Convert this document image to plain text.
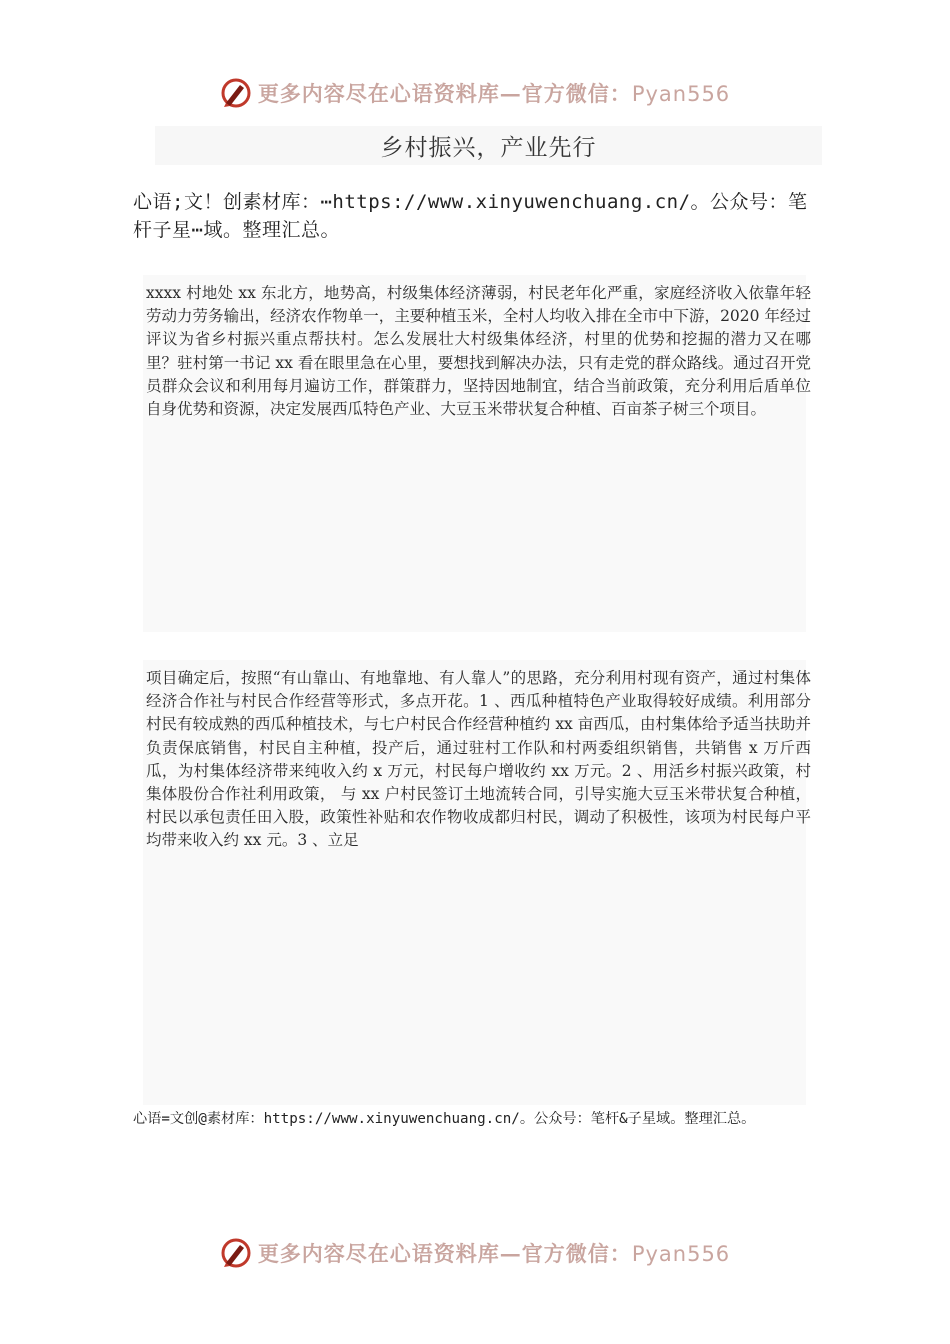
更多内容尽在心语资料库—官方微信：Pyan556
乡村振兴，产业先行
心语;文！创素材库：⋯https://www.xinyuwenchuang.cn/。公众号：笔杆子星⋯域。整理汇总。
xxxx 村地处 xx 东北方，地势高，村级集体经济薄弱，村民老年化严重，家庭经济收入依靠年轻劳动力劳务输出，经济农作物单一，主要种植玉米，全村人均收入排在全市中下游，2020 年经过评议为省乡村振兴重点帮扶村。怎么发展壮大村级集体经济，村里的优势和挖掘的潜力又在哪里？驻村第一书记 xx 看在眼里急在心里，要想找到解决办法，只有走党的群众路线。通过召开党员群众会议和利用每月遍访工作，群策群力，坚持因地制宜，结合当前政策，充分利用后盾单位自身优势和资源，决定发展西瓜特色产业、大豆玉米带状复合种植、百亩茶子树三个项目。
项目确定后，按照“有山靠山、有地靠地、有人靠人”的思路，充分利用村现有资产，通过村集体经济合作社与村民合作经营等形式，多点开花。1 、西瓜种植特色产业取得较好成绩。利用部分村民有较成熟的西瓜种植技术，与七户村民合作经营种植约 xx 亩西瓜，由村集体给予适当扶助并负责保底销售，村民自主种植，投产后，通过驻村工作队和村两委组织销售，共销售 x 万斤西瓜，为村集体经济带来纯收入约 x 万元，村民每户增收约 xx 万元。2 、用活乡村振兴政策，村集体股份合作社利用政策， 与 xx 户村民签订土地流转合同，引导实施大豆玉米带状复合种植，村民以承包责任田入股，政策性补贴和农作物收成都归村民，调动了积极性，该项为村民每户平均带来收入约 xx 元。3 、立足
心语=文创@素材库：https://www.xinyuwenchuang.cn/。公众号：笔杆&子星域。整理汇总。
更多内容尽在心语资料库—官方微信：Pyan556
